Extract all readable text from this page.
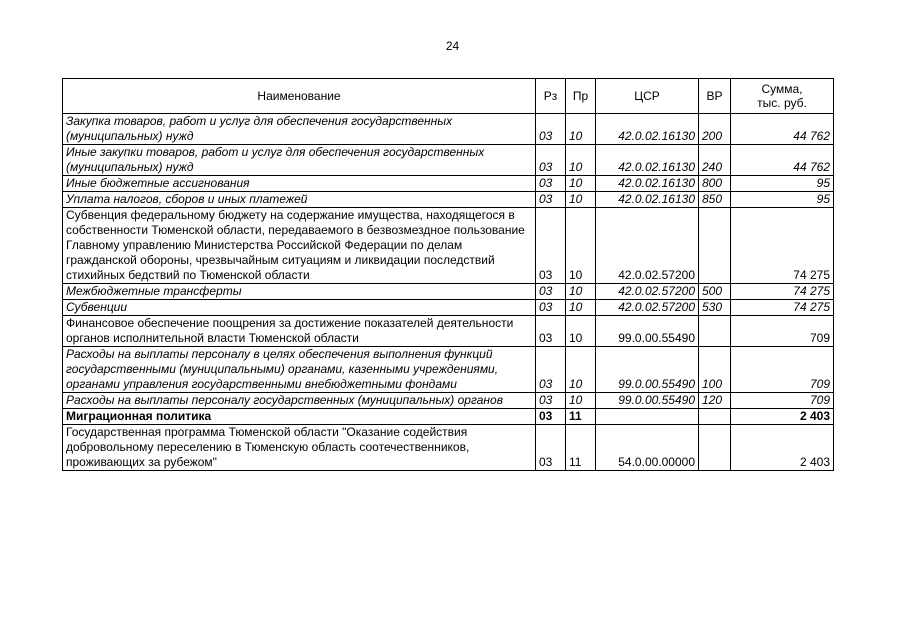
24
Наименование	Рз	Пр	ЦСР	ВР	Сумма,
тыс. руб.
Закупка товаров, работ и услуг для обеспечения государственных (муниципальных) нужд	03	10	42.0.02.16130	200	44 762
Иные закупки товаров, работ и услуг для обеспечения государственных (муниципальных) нужд	03	10	42.0.02.16130	240	44 762
Иные бюджетные ассигнования	03	10	42.0.02.16130	800	95
Уплата налогов, сборов и иных платежей	03	10	42.0.02.16130	850	95
Субвенция федеральному бюджету на содержание имущества, находящегося в собственности Тюменской области, передаваемого в безвозмездное пользование Главному управлению Министерства Российской Федерации по делам гражданской обороны, чрезвычайным ситуациям и ликвидации последствий стихийных бедствий по Тюменской области	03	10	42.0.02.57200		74 275
Межбюджетные трансферты	03	10	42.0.02.57200	500	74 275
Субвенции	03	10	42.0.02.57200	530	74 275
Финансовое обеспечение поощрения за достижение показателей деятельности органов исполнительной власти Тюменской области	03	10	99.0.00.55490		709
Расходы на выплаты персоналу в целях обеспечения выполнения функций государственными (муниципальными) органами, казенными учреждениями, органами управления государственными внебюджетными фондами	03	10	99.0.00.55490	100	709
Расходы на выплаты персоналу государственных (муниципальных) органов	03	10	99.0.00.55490	120	709
Миграционная политика	03	11			2 403
Государственная программа Тюменской области "Оказание содействия добровольному переселению в Тюменскую область соотечественников, проживающих за рубежом"	03	11	54.0.00.00000		2 403
